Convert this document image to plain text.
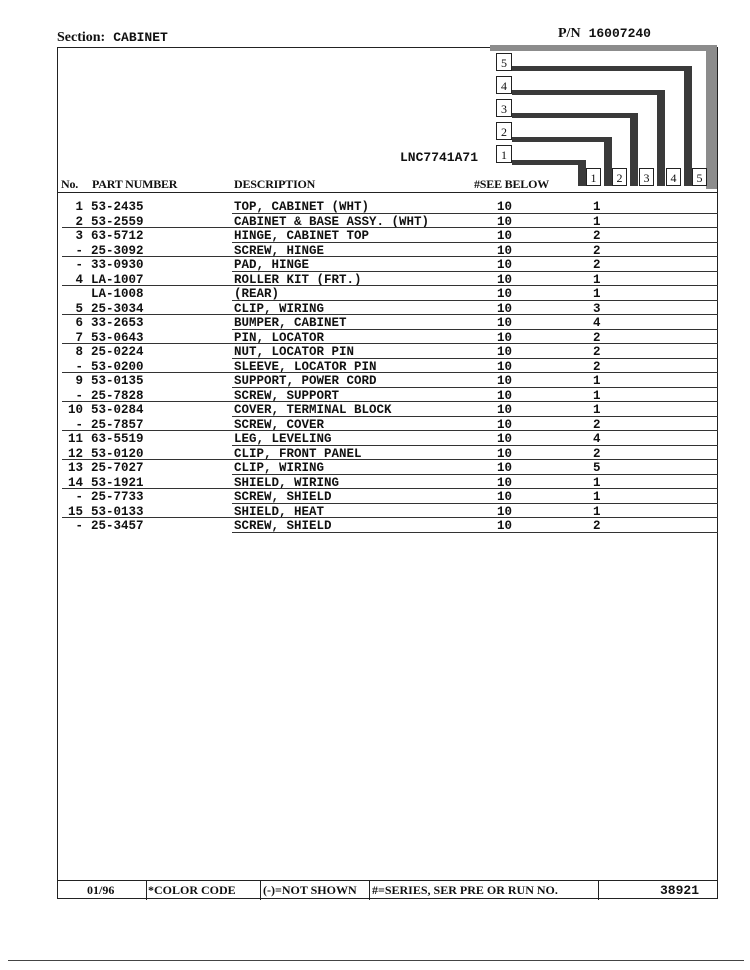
Section: CABINET	P/N 16007240
LNC7741A71
5
4
3
2
1
1	2	3	4	5
No. PART NUMBER	DESCRIPTION	#SEE BELOW
1 53-2435	TOP, CABINET (WHT)	10	1
2 53-2559	CABINET & BASE ASSY. (WHT)	10	1
3 63-5712	HINGE, CABINET TOP	10	2
- 25-3092	SCREW, HINGE	10	2
- 33-0930	PAD, HINGE	10	2
4 LA-1007	ROLLER KIT (FRT.)	10	1
LA-1008	(REAR)	10	1
5 25-3034	CLIP, WIRING	10	3
6 33-2653	BUMPER, CABINET	10	4
7 53-0643	PIN, LOCATOR	10	2
8 25-0224	NUT, LOCATOR PIN	10	2
- 53-0200	SLEEVE, LOCATOR PIN	10	2
9 53-0135	SUPPORT, POWER CORD	10	1
- 25-7828	SCREW, SUPPORT	10	1
10 53-0284	COVER, TERMINAL BLOCK	10	1
- 25-7857	SCREW, COVER	10	2
11 63-5519	LEG, LEVELING	10	4
12 53-0120	CLIP, FRONT PANEL	10	2
13 25-7027	CLIP, WIRING	10	5
14 53-1921	SHIELD, WIRING	10	1
- 25-7733	SCREW, SHIELD	10	1
15 53-0133	SHIELD, HEAT	10	1
- 25-3457	SCREW, SHIELD	10	2
01/96	*COLOR CODE (-)=NOT SHOWN #=SERIES, SER PRE OR RUN NO.	38921
